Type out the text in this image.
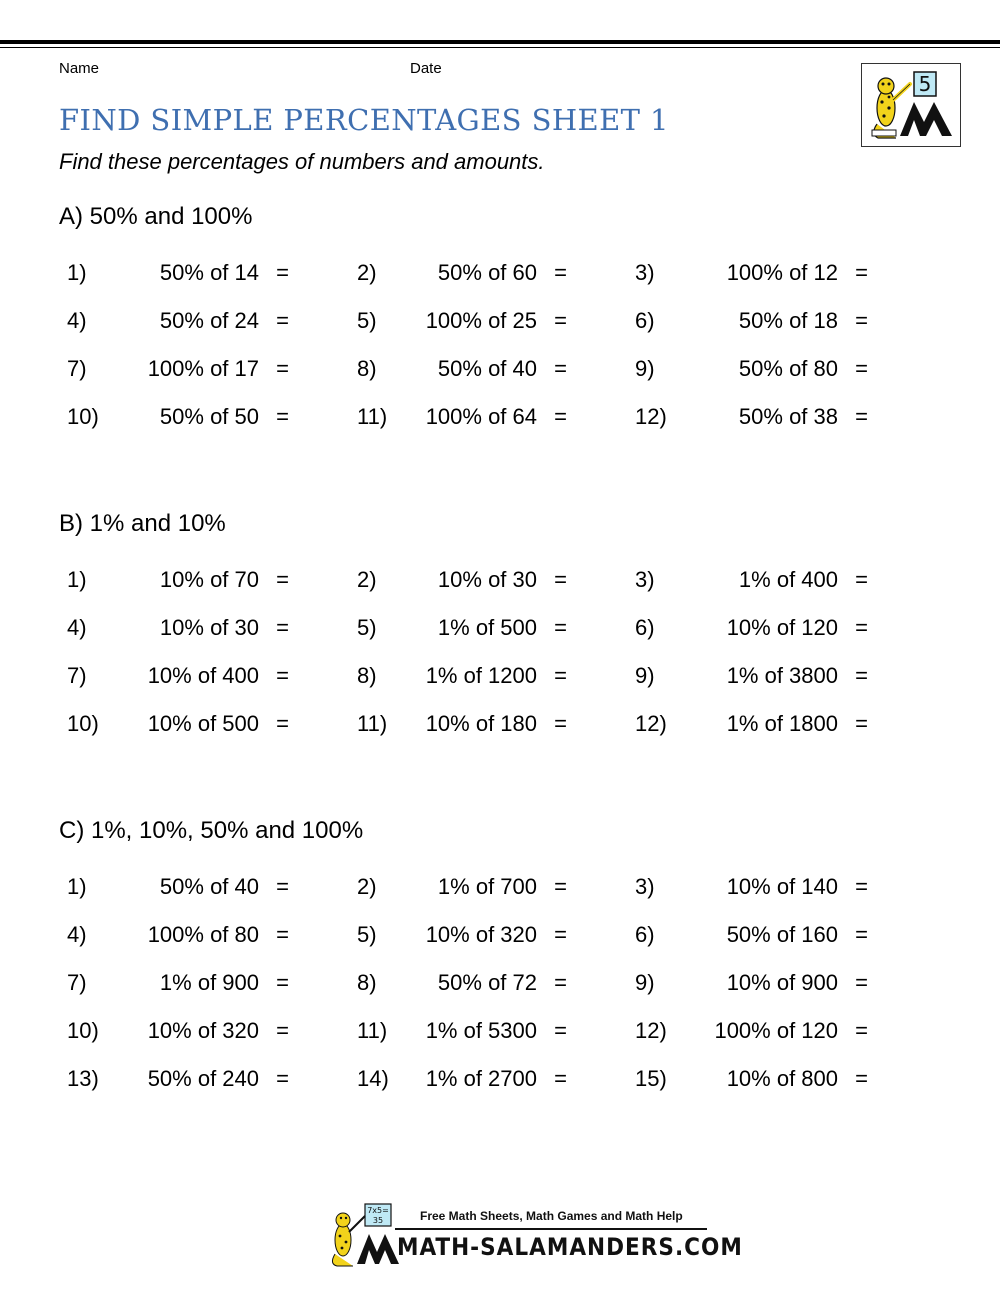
Name	Date
FIND SIMPLE PERCENTAGES SHEET 1
Find these percentages of numbers and amounts.
5
A) 50% and 100%
1)	50% of 14 =	2)	50% of 60 =	3)	100% of 12 =
4)	50% of 24 =	5) 100% of 25 =	6)	50% of 18 =
7)	100% of 17 =	8)	50% of 40 =	9)	50% of 80 =
10)	50% of 50 =	11) 100% of 64 =	12)	50% of 38 =
B) 1% and 10%
1)	10% of 70 =	2)	10% of 30 =	3)	1% of 400 =
4)	10% of 30 =	5)	1% of 500 =	6)	10% of 120 =
7)	10% of 400 =	8) 1% of 1200 =	9)	1% of 3800 =
10) 10% of 500 =	11) 10% of 180 =	12)	1% of 1800 =
C) 1%, 10%, 50% and 100%
1)	50% of 40 =	2)	1% of 700 =	3)	10% of 140 =
4)	100% of 80 =	5) 10% of 320 =	6)	50% of 160 =
7)	1% of 900 =	8)	50% of 72 =	9)	10% of 900 =
10) 10% of 320 =	11) 1% of 5300 =	12) 100% of 120 =
13) 50% of 240 =	14) 1% of 2700 =	15)	10% of 800 =
7x5=
35	Free Math Sheets, Math Games and Math Help
MATH-SALAMANDERS.COM
